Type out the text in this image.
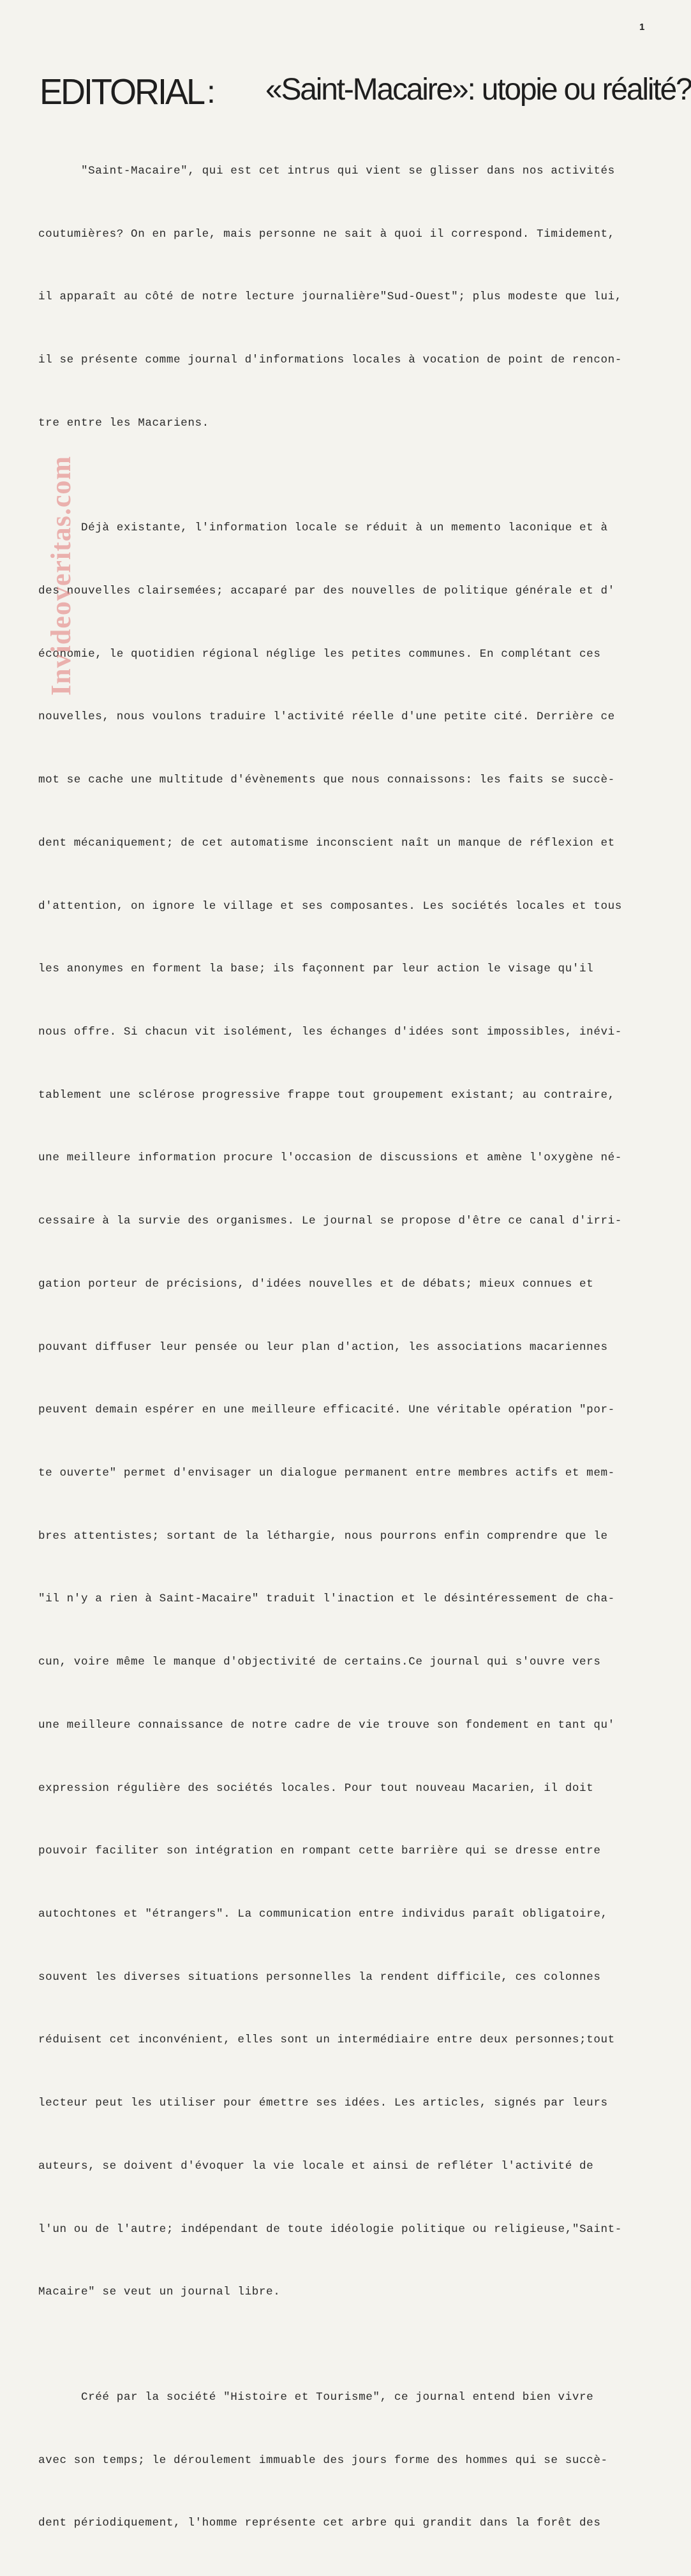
1
EDITORIAL : «Saint-Macaire»: utopie ou réalité?

"Saint-Macaire", qui est cet intrus qui vient se glisser dans nos activités

coutumières? On en parle, mais personne ne sait à quoi il correspond. Timidement,

il apparaît au côté de notre lecture journalière"Sud-Ouest"; plus modeste que lui,

il se présente comme journal d'informations locales à vocation de point de rencon-

tre entre les Macariens.

Déjà existante, l'information locale se réduit à un memento laconique et à

des nouvelles clairsemées; accaparé par des nouvelles de politique générale et d'

économie, le quotidien régional néglige les petites communes. En complétant ces

nouvelles, nous voulons traduire l'activité réelle d'une petite cité. Derrière ce

mot se cache une multitude d'évènements que nous connaissons: les faits se succè-

dent mécaniquement; de cet automatisme inconscient naît un manque de réflexion et

d'attention, on ignore le village et ses composantes. Les sociétés locales et tous

les anonymes en forment la base; ils façonnent par leur action le visage qu'il

nous offre. Si chacun vit isolément, les échanges d'idées sont impossibles, inévi-

tablement une sclérose progressive frappe tout groupement existant; au contraire,

une meilleure information procure l'occasion de discussions et amène l'oxygène né-

cessaire à la survie des organismes. Le journal se propose d'être ce canal d'irri-

gation porteur de précisions, d'idées nouvelles et de débats; mieux connues et

pouvant diffuser leur pensée ou leur plan d'action, les associations macariennes

peuvent demain espérer en une meilleure efficacité. Une véritable opération "por-

te ouverte" permet d'envisager un dialogue permanent entre membres actifs et mem-

bres attentistes; sortant de la léthargie, nous pourrons enfin comprendre que le

"il n'y a rien à Saint-Macaire" traduit l'inaction et le désintéressement de cha-

cun, voire même le manque d'objectivité de certains.Ce journal qui s'ouvre vers

une meilleure connaissance de notre cadre de vie trouve son fondement en tant qu'

expression régulière des sociétés locales. Pour tout nouveau Macarien, il doit

pouvoir faciliter son intégration en rompant cette barrière qui se dresse entre

autochtones et "étrangers". La communication entre individus paraît obligatoire,

souvent les diverses situations personnelles la rendent difficile, ces colonnes

réduisent cet inconvénient, elles sont un intermédiaire entre deux personnes;tout

lecteur peut les utiliser pour émettre ses idées. Les articles, signés par leurs

auteurs, se doivent d'évoquer la vie locale et ainsi de refléter l'activité de

l'un ou de l'autre; indépendant de toute idéologie politique ou religieuse,"Saint-

Macaire" se veut un journal libre.

Créé par la société "Histoire et Tourisme", ce journal entend bien vivre

avec son temps; le déroulement immuable des jours forme des hommes qui se succè-

dent périodiquement, l'homme représente cet arbre qui grandit dans la forêt des

Invideoveritas.com
